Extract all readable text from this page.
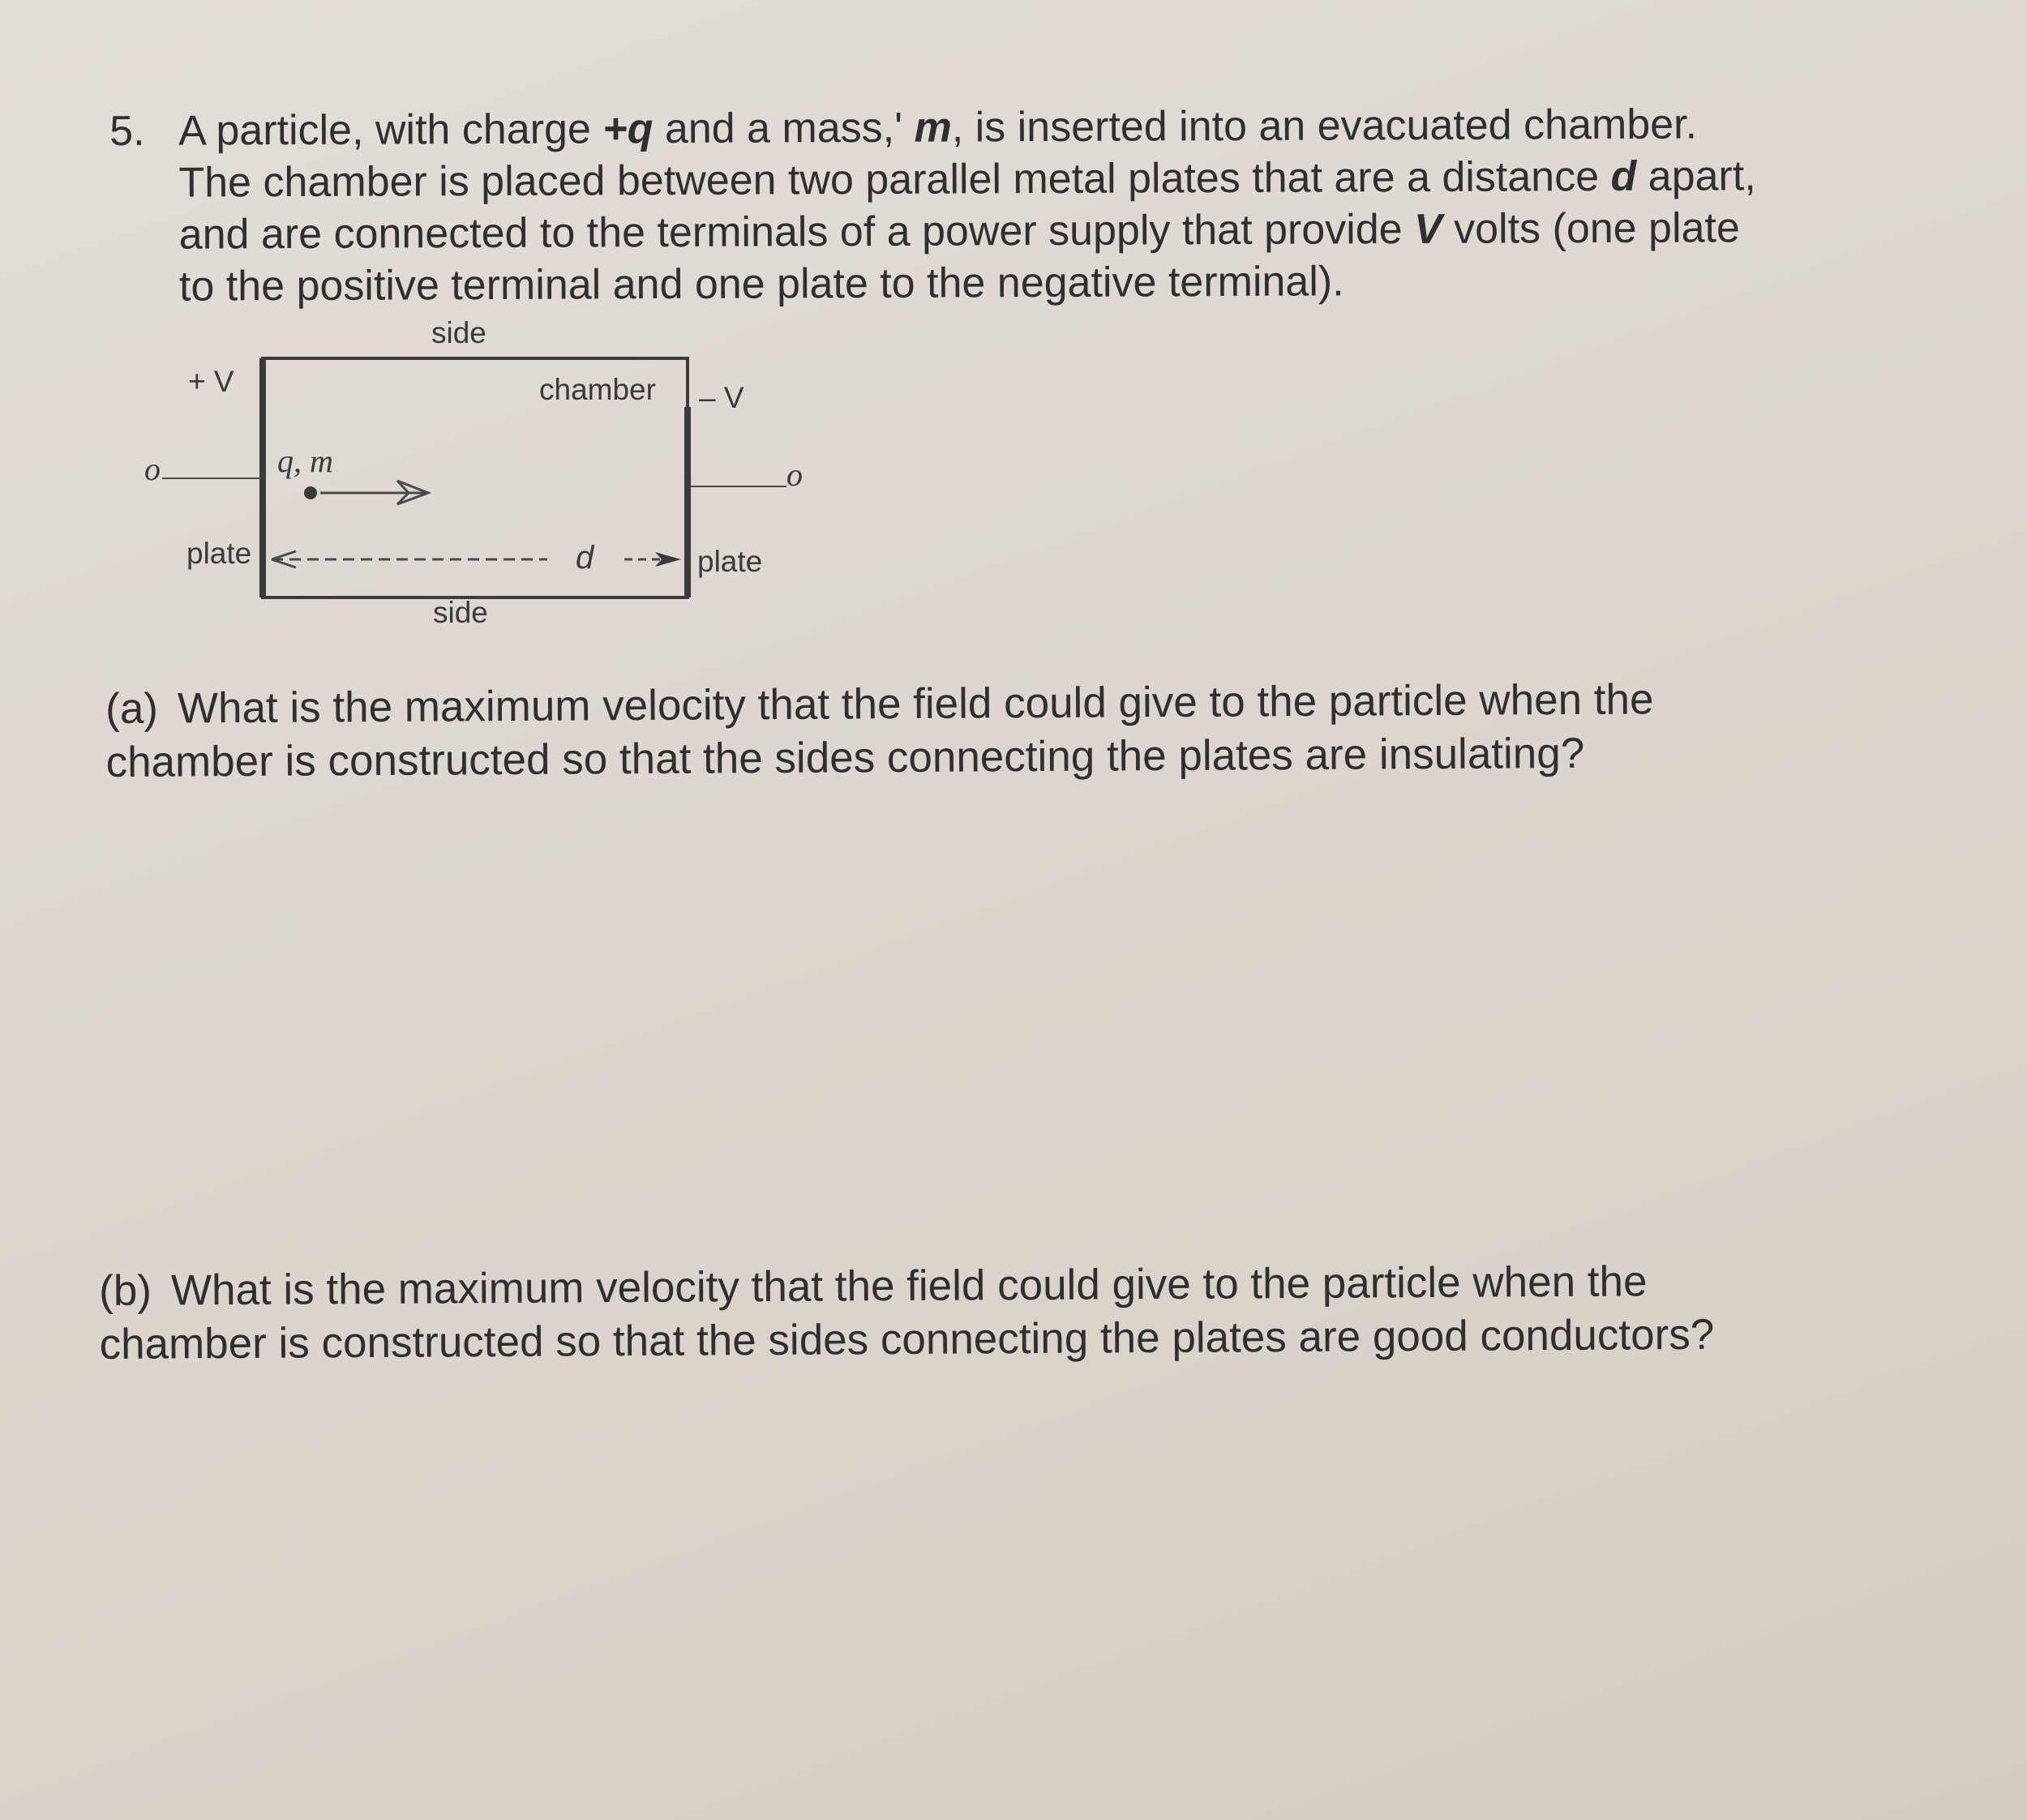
5. A particle, with charge +q and a mass,' m, is inserted into an evacuated chamber.
The chamber is placed between two parallel metal plates that are a distance d apart,
and are connected to the terminals of a power supply that provide V volts (one plate
to the positive terminal and one plate to the negative terminal).
side
+ V	chamber – V
o	o
q, m
plate	d	plate
side
(a) What is the maximum velocity that the field could give to the particle when the
chamber is constructed so that the sides connecting the plates are insulating?
(b) What is the maximum velocity that the field could give to the particle when the
chamber is constructed so that the sides connecting the plates are good conductors?
